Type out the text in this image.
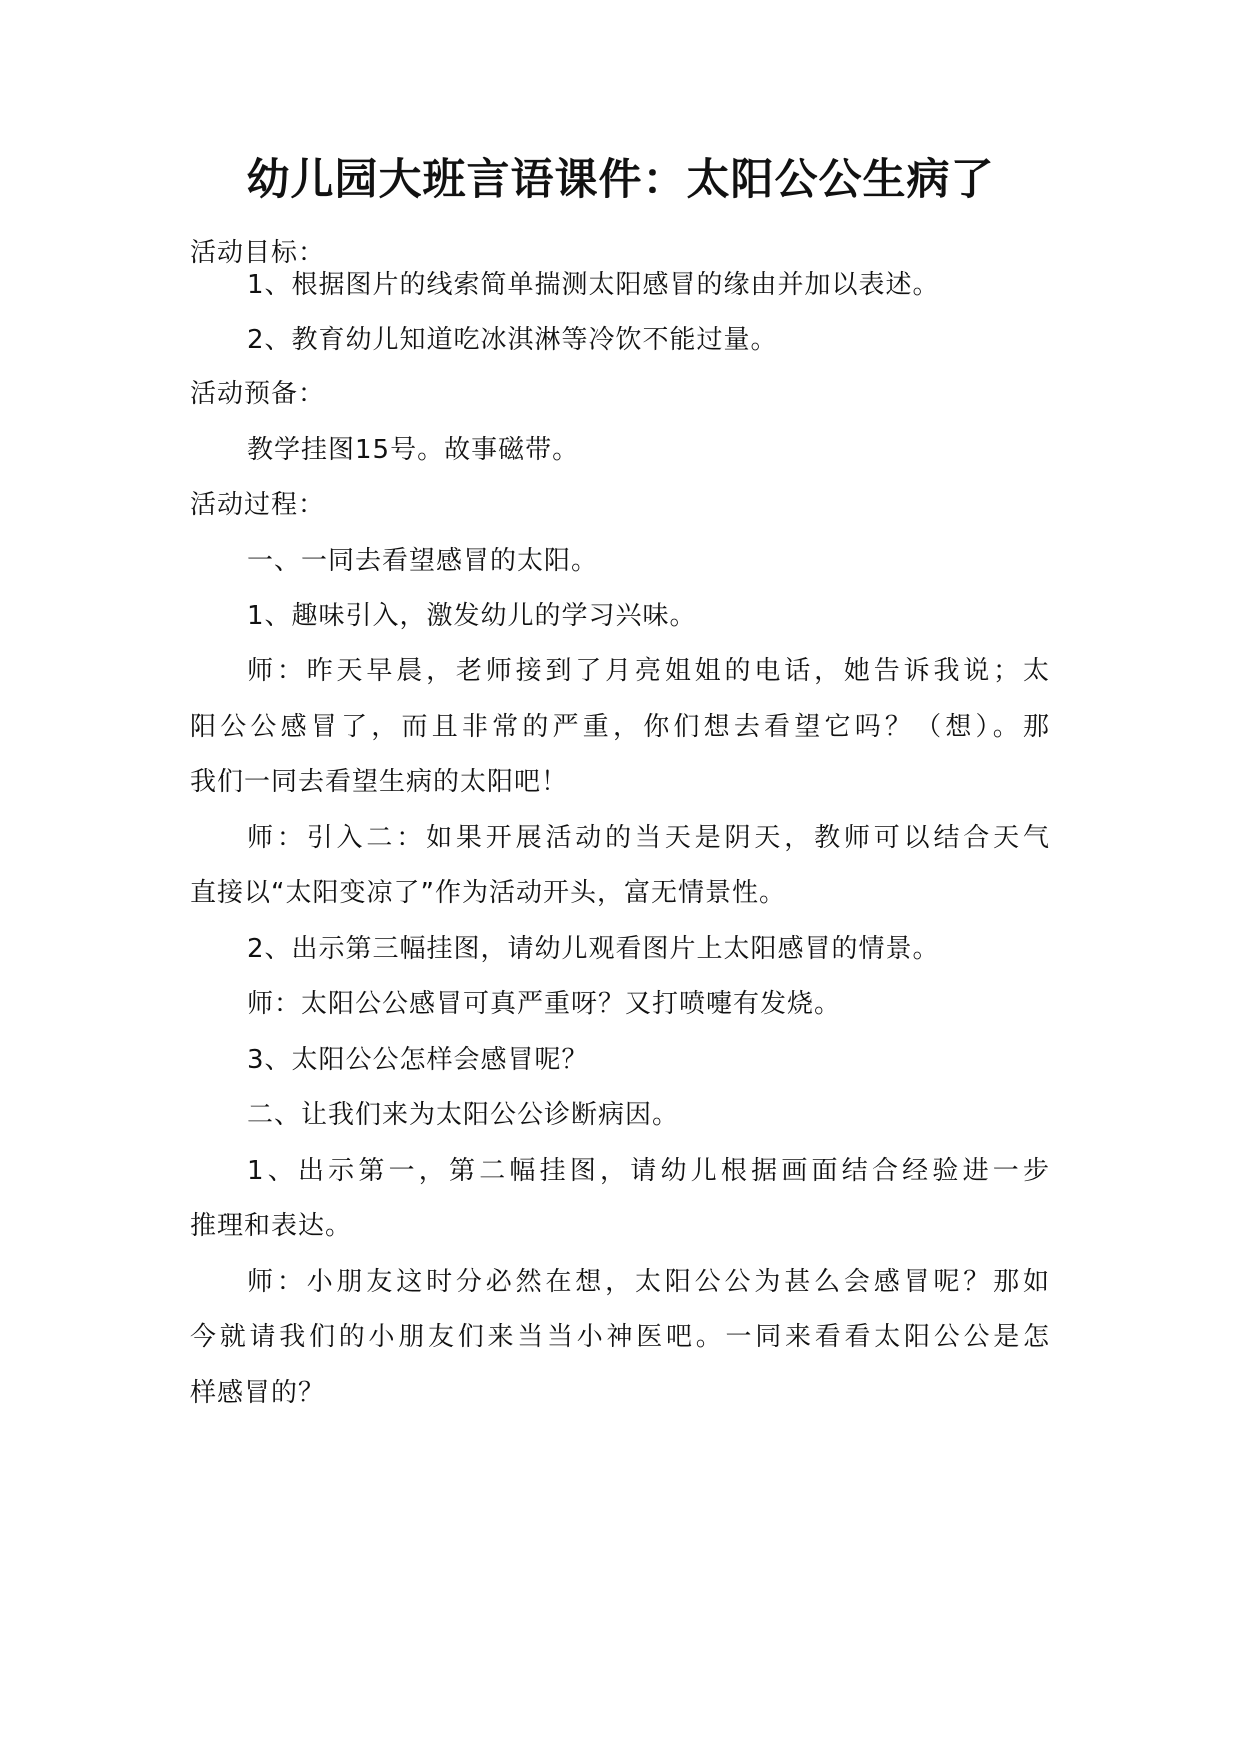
幼儿园大班言语课件：太阳公公生病了
活动目标：
1、根据图片的线索简单揣测太阳感冒的缘由并加以表述。
2、教育幼儿知道吃冰淇淋等冷饮不能过量。
活动预备：
教学挂图15号。故事磁带。
活动过程：
一、一同去看望感冒的太阳。
1、趣味引入，激发幼儿的学习兴味。
师：昨天早晨，老师接到了月亮姐姐的电话，她告诉我说；太
阳公公感冒了，而且非常的严重，你们想去看望它吗？（想）。那
我们一同去看望生病的太阳吧！
师：引入二：如果开展活动的当天是阴天，教师可以结合天气
直接以“太阳变凉了”作为活动开头，富无情景性。
2、出示第三幅挂图，请幼儿观看图片上太阳感冒的情景。
师：太阳公公感冒可真严重呀？又打喷嚏有发烧。
3、太阳公公怎样会感冒呢？
二、让我们来为太阳公公诊断病因。
1、出示第一，第二幅挂图，请幼儿根据画面结合经验进一步
推理和表达。
师：小朋友这时分必然在想，太阳公公为甚么会感冒呢？那如
今就请我们的小朋友们来当当小神医吧。一同来看看太阳公公是怎
样感冒的？
